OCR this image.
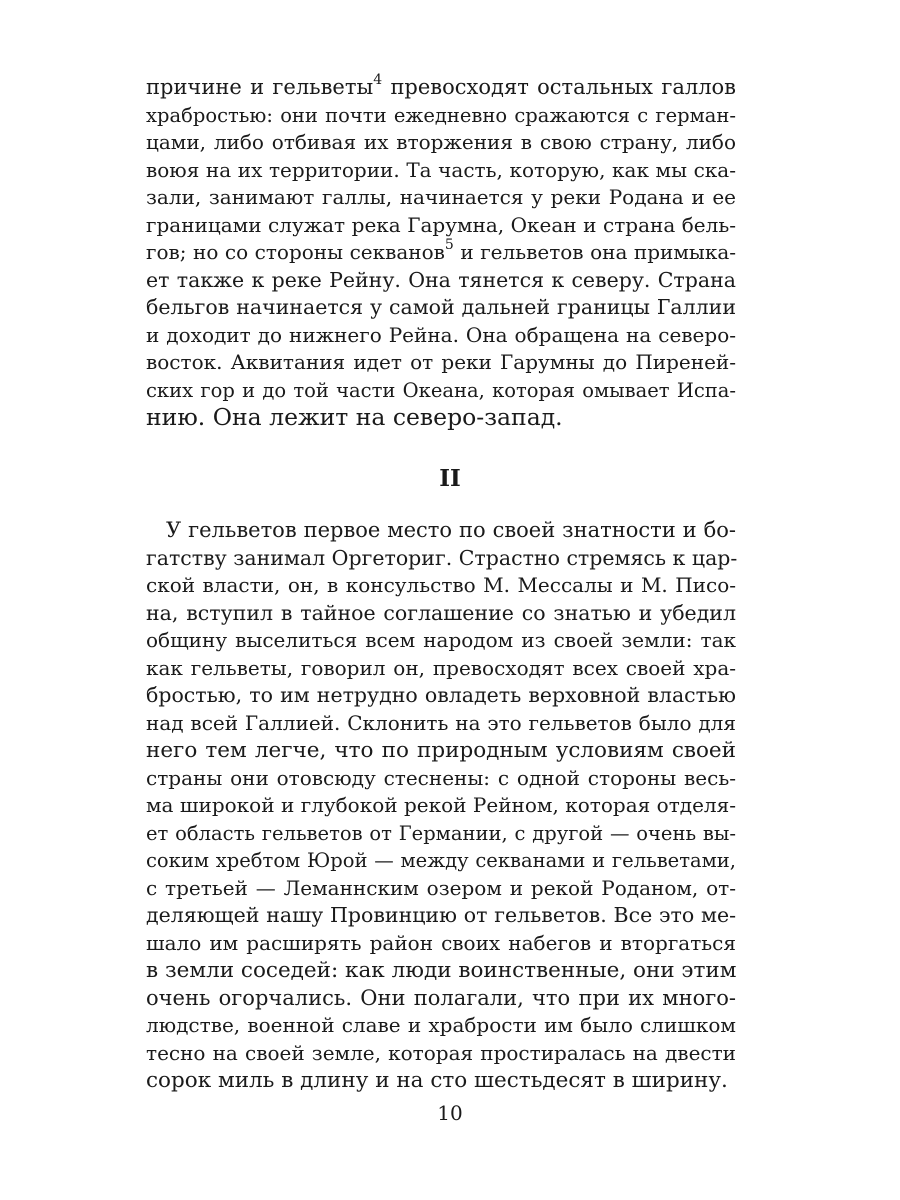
причине и гельветы$^4$ превосходят остальных галлов
храбростью: они почти ежедневно сражаются с герман-
цами, либо отбивая их вторжения в свою страну, либо
воюя на их территории. Та часть, которую, как мы ска-
зали, занимают галлы, начинается у реки Родана и ее
границами служат река Гарумна, Океан и страна бель-
гов; но со стороны секванов$^5$ и гельветов она примыка-
ет также к реке Рейну. Она тянется к северу. Страна
бельгов начинается у самой дальней границы Галлии
и доходит до нижнего Рейна. Она обращена на северо-
восток. Аквитания идет от реки Гарумны до Пиреней-
ских гор и до той части Океана, которая омывает Испа-
нию. Она лежит на северо-запад.
II
У гельветов первое место по своей знатности и бо-
гатству занимал Оргеториг. Страстно стремясь к цар-
ской власти, он, в консульство М. Мессалы и М. Писо-
на, вступил в тайное соглашение со знатью и убедил
общину выселиться всем народом из своей земли: так
как гельветы, говорил он, превосходят всех своей хра-
бростью, то им нетрудно овладеть верховной властью
над всей Галлией. Склонить на это гельветов было для
него тем легче, что по природным условиям своей
страны они отовсюду стеснены: с одной стороны весь-
ма широкой и глубокой рекой Рейном, которая отделя-
ет область гельветов от Германии, с другой — очень вы-
соким хребтом Юрой — между секванами и гельветами,
с третьей — Леманнским озером и рекой Роданом, от-
деляющей нашу Провинцию от гельветов. Все это ме-
шало им расширять район своих набегов и вторгаться
в земли соседей: как люди воинственные, они этим
очень огорчались. Они полагали, что при их много-
людстве, военной славе и храбрости им было слишком
тесно на своей земле, которая простиралась на двести
сорок миль в длину и на сто шестьдесят в ширину.
10
